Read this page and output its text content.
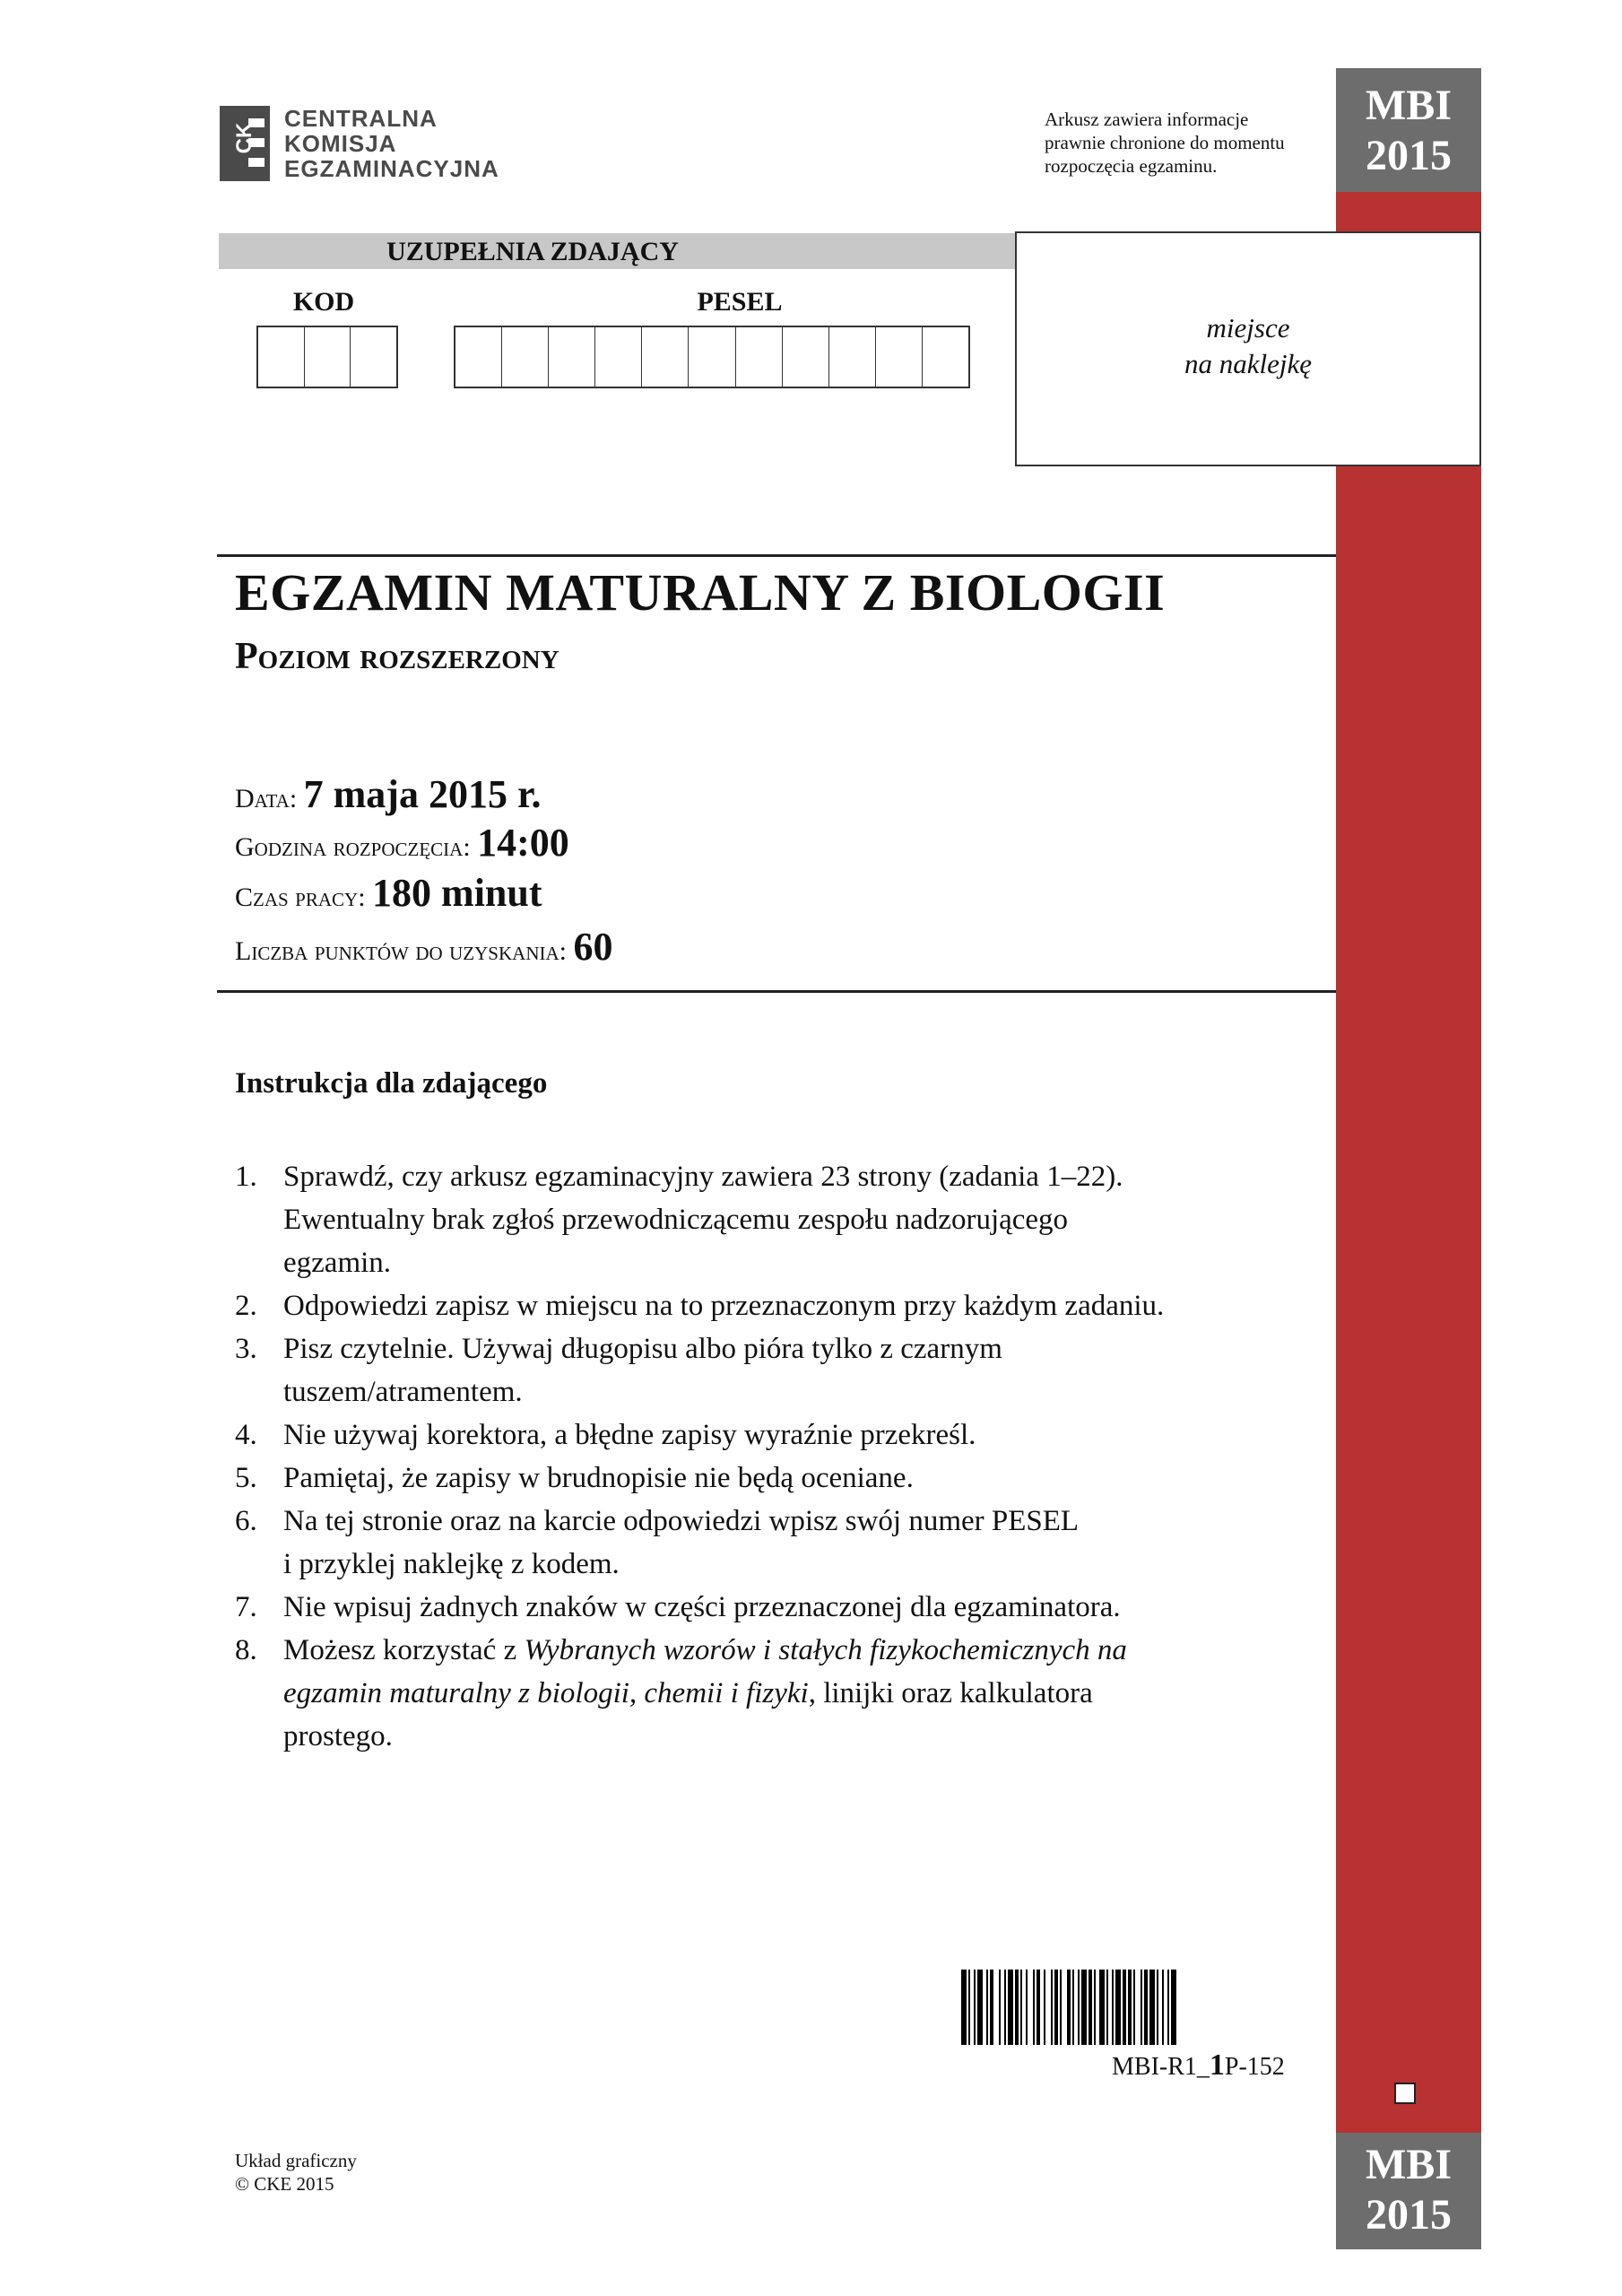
CK
CENTRALNA
KOMISJA
EGZAMINACYJNA
Arkusz zawiera informacje
prawnie chronione do momentu
rozpoczęcia egzaminu.
MBI
2015
MBI
2015
UZUPEŁNIA ZDAJĄCY
KOD	PESEL
miejsce
na naklejkę
EGZAMIN MATURALNY Z BIOLOGII
Poziom rozszerzony
Data: 7 maja 2015 r.
Godzina rozpoczęcia: 14:00
Czas pracy: 180 minut
Liczba punktów do uzyskania: 60
Instrukcja dla zdającego
1. Sprawdź, czy arkusz egzaminacyjny zawiera 23 strony (zadania 1–22).
Ewentualny brak zgłoś przewodniczącemu zespołu nadzorującego
egzamin.
2. Odpowiedzi zapisz w miejscu na to przeznaczonym przy każdym zadaniu.
3. Pisz czytelnie. Używaj długopisu albo pióra tylko z czarnym
tuszem/atramentem.
4. Nie używaj korektora, a błędne zapisy wyraźnie przekreśl.
5. Pamiętaj, że zapisy w brudnopisie nie będą oceniane.
6. Na tej stronie oraz na karcie odpowiedzi wpisz swój numer PESEL
i przyklej naklejkę z kodem.
7. Nie wpisuj żadnych znaków w części przeznaczonej dla egzaminatora.
8. Możesz korzystać z Wybranych wzorów i stałych fizykochemicznych na
egzamin maturalny z biologii, chemii i fizyki, linijki oraz kalkulatora
prostego.
MBI-R1_1P-152
Układ graficzny
© CKE 2015
